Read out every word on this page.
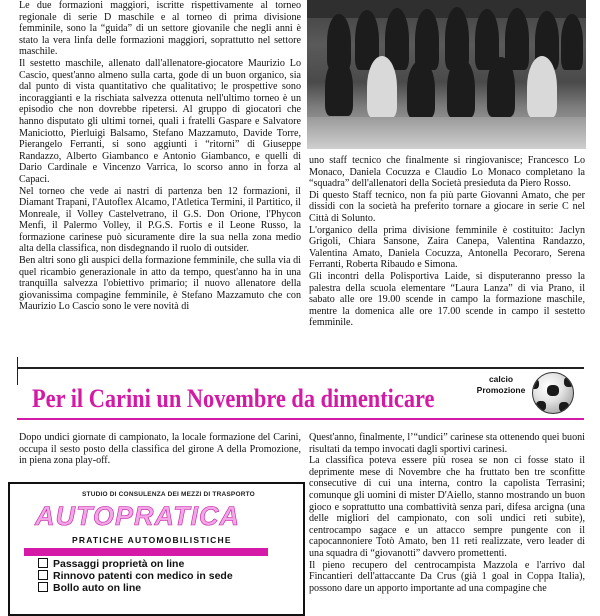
Le due formazioni maggiori, iscritte rispettivamente al torneo regionale di serie D maschile e al torneo di prima divisione femminile, sono la “guida” di un settore giovanile che negli anni è stato la vera linfa delle formazioni maggiori, soprattutto nel settore maschile.

Il sestetto maschile, allenato dall'allenatore-giocatore Maurizio Lo Cascio, quest'anno almeno sulla carta, gode di un buon organico, sia dal punto di vista quantitativo che qualitativo; le prospettive sono incoraggianti e la rischiata salvezza ottenuta nell'ultimo torneo è un episodio che non dovrebbe ripetersi. Al gruppo di giocatori che hanno disputato gli ultimi tornei, quali i fratelli Gaspare e Salvatore Maniciotto, Pierluigi Balsamo, Stefano Mazzamuto, Davide Torre, Pierangelo Ferranti, si sono aggiunti i “ritorni” di Giuseppe Randazzo, Alberto Giambanco e Antonio Giambanco, e quelli di Dario Cardinale e Vincenzo Varrica, lo scorso anno in forza al Capaci.

Nel torneo che vede ai nastri di partenza ben 12 formazioni, il Diamant Trapani, l'Autoflex Alcamo, l'Atletica Termini, il Partitico, il Monreale, il Volley Castelvetrano, il G.S. Don Orione, l'Phycon Menfi, il Palermo Volley, il P.G.S. Fortis e il Leone Russo, la formazione carinese può sicuramente dire la sua nella zona medio alta della classifica, non disdegnando il ruolo di outsider.

Ben altri sono gli auspici della formazione femminile, che sulla via di quel ricambio generazionale in atto da tempo, quest'anno ha in una tranquilla salvezza l'obiettivo primario; il nuovo allenatore della giovanissima compagine femminile, è Stefano Mazzamuto che con Maurizio Lo Cascio sono le vere novità di

uno staff tecnico che finalmente si ringiovanisce; Francesco Lo Monaco, Daniela Cocuzza e Claudio Lo Monaco completano la “squadra” dell'allenatori della Società presieduta da Piero Rosso.

Di questo Staff tecnico, non fa più parte Giovanni Amato, che per dissidi con la società ha preferito tornare a giocare in serie C nel Città di Solunto.

L'organico della prima divisione femminile è costituito: Jaclyn Grigoli, Chiara Sansone, Zaira Canepa, Valentina Randazzo, Valentina Amato, Daniela Cocuzza, Antonella Pecoraro, Serena Ferranti, Roberta Ribaudo e Simona.

Gli incontri della Polisportiva Laide, si disputeranno presso la palestra della scuola elementare “Laura Lanza” di via Prano, il sabato alle ore 19.00 scende in campo la formazione maschile, mentre la domenica alle ore 17.00 scende in campo il sestetto femminile.

Per il Carini un Novembre da dimenticare
calcio
Promozione

Dopo undici giornate di campionato, la locale formazione del Carini, occupa il sesto posto della classifica del girone A della Promozione, in piena zona play-off.

Quest'anno, finalmente, l’“undici” carinese sta ottenendo quei buoni risultati da tempo invocati dagli sportivi carinesi.

La classifica poteva essere più rosea se non ci fosse stato il deprimente mese di Novembre che ha fruttato ben tre sconfitte consecutive di cui una interna, contro la capolista Terrasini; comunque gli uomini di mister D'Aiello, stanno mostrando un buon gioco e soprattutto una combattività senza pari, difesa arcigna (una delle migliori del campionato, con soli undici reti subite), centrocampo sagace e un attacco sempre pungente con il capocannoniere Totò Amato, ben 11 reti realizzate, vero leader di una squadra di “giovanotti” davvero promettenti.

Il pieno recupero del centrocampista Mazzola e l'arrivo dal Fincantieri dell'attaccante Da Crus (già 1 goal in Coppa Italia), possono dare un apporto importante ad una compagine che

STUDIO DI CONSULENZA DEI MEZZI DI TRASPORTO
AUTOPRATICA
PRATICHE AUTOMOBILISTICHE
Passaggi proprietà on line
Rinnovo patenti con medico in sede
Bollo auto on line
